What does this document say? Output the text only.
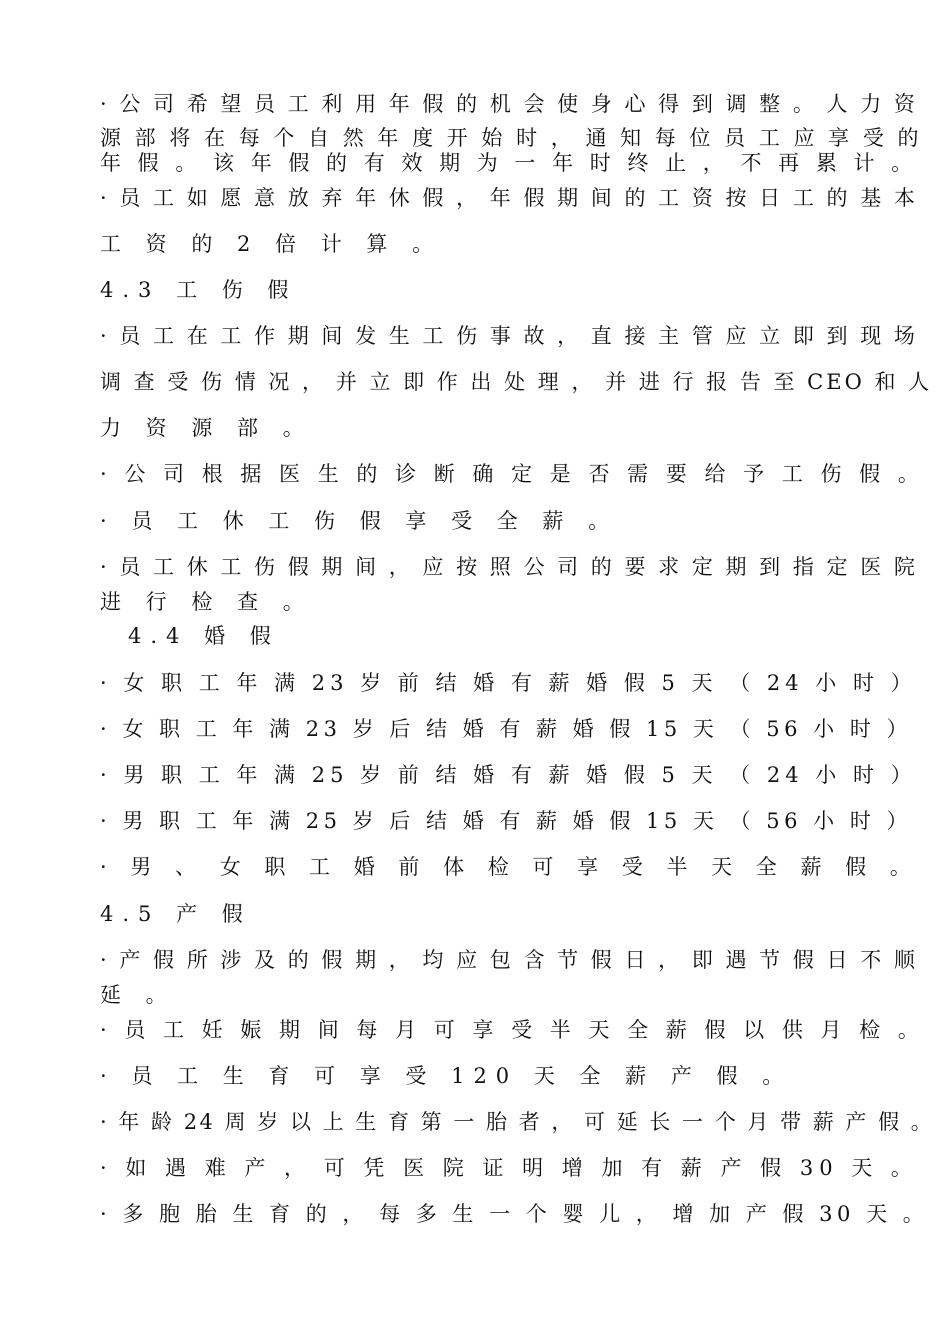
· 公 司 希 望 员 工 利 用 年 假 的 机 会 使 身 心 得 到 调 整 。 人 力 资
源 部 将 在 每 个 自 然 年 度 开 始 时 ， 通 知 每 位 员 工 应 享 受 的
年 假 。 该 年 假 的 有 效 期 为 一 年 时 终 止 ， 不 再 累 计 。
· 员 工 如 愿 意 放 弃 年 休 假 ， 年 假 期 间 的 工 资 按 日 工 的 基 本
工 资 的 2 倍 计 算 。
4.3 工 伤 假
· 员 工 在 工 作 期 间 发 生 工 伤 事 故 ， 直 接 主 管 应 立 即 到 现 场
调 查 受 伤 情 况 ， 并 立 即 作 出 处 理 ， 并 进 行 报 告 至 CEO 和 人
力 资 源 部 。
· 公 司 根 据 医 生 的 诊 断 确 定 是 否 需 要 给 予 工 伤 假 。
· 员 工 休 工 伤 假 享 受 全 薪 。
· 员 工 休 工 伤 假 期 间 ， 应 按 照 公 司 的 要 求 定 期 到 指 定 医 院
进 行 检 查 。
4.4 婚 假
· 女 职 工 年 满 23 岁 前 结 婚 有 薪 婚 假 5 天 （ 24 小 时 ）
· 女 职 工 年 满 23 岁 后 结 婚 有 薪 婚 假 15 天 （ 56 小 时 ）
· 男 职 工 年 满 25 岁 前 结 婚 有 薪 婚 假 5 天 （ 24 小 时 ）
· 男 职 工 年 满 25 岁 后 结 婚 有 薪 婚 假 15 天 （ 56 小 时 ）
· 男 、 女 职 工 婚 前 体 检 可 享 受 半 天 全 薪 假 。
4.5 产 假
· 产 假 所 涉 及 的 假 期 ， 均 应 包 含 节 假 日 ， 即 遇 节 假 日 不 顺
延 。
· 员 工 妊 娠 期 间 每 月 可 享 受 半 天 全 薪 假 以 供 月 检 。
· 员 工 生 育 可 享 受 120 天 全 薪 产 假 。
· 年 龄 24 周 岁 以 上 生 育 第 一 胎 者 ， 可 延 长 一 个 月 带 薪 产 假 。
· 如 遇 难 产 ， 可 凭 医 院 证 明 增 加 有 薪 产 假 30 天 。
· 多 胞 胎 生 育 的 ， 每 多 生 一 个 婴 儿 ， 增 加 产 假 30 天 。
